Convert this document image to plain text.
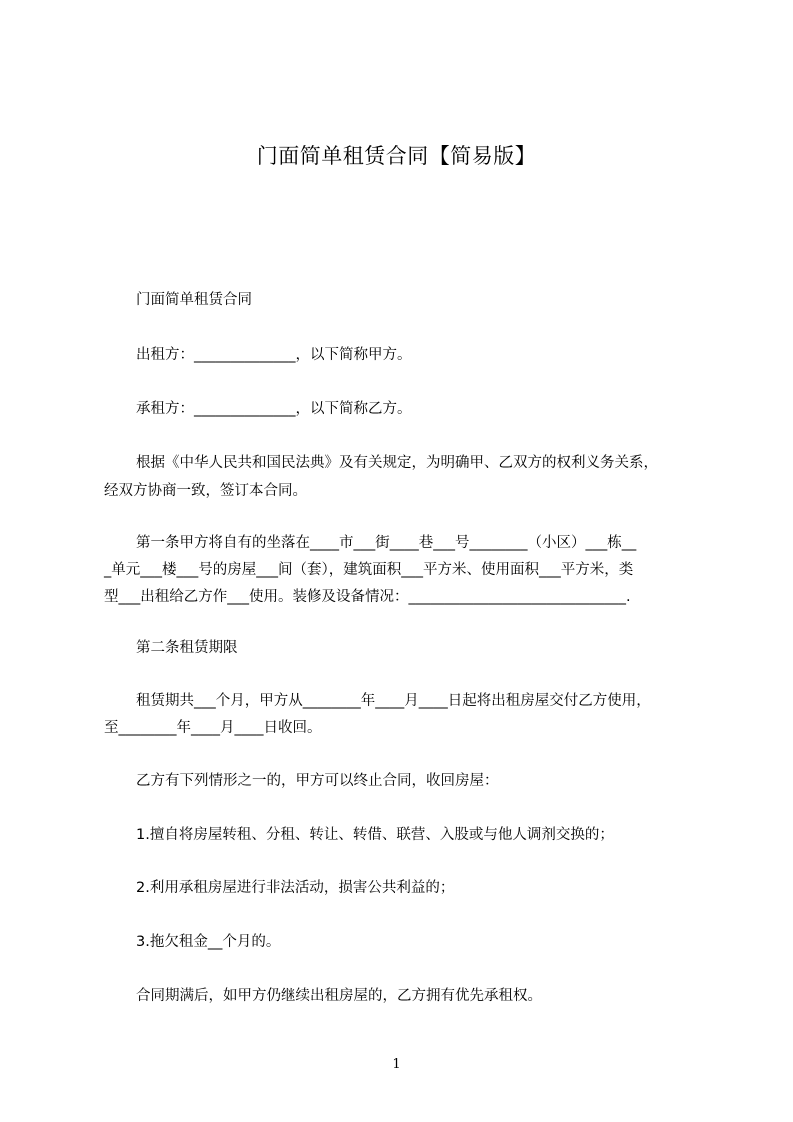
门面简单租赁合同【简易版】
门面简单租赁合同
出租方：______________，以下简称甲方。
承租方：______________，以下简称乙方。
根据《中华人民共和国民法典》及有关规定，为明确甲、乙双方的权利义务关系，
经双方协商一致，签订本合同。
第一条甲方将自有的坐落在____市___街____巷___号________（小区）___栋__
_单元___楼___号的房屋___间（套），建筑面积___平方米、使用面积___平方米，类
型___出租给乙方作___使用。装修及设备情况：______________________________.
第二条租赁期限
租赁期共___个月，甲方从________年____月____日起将出租房屋交付乙方使用，
至________年____月____日收回。
乙方有下列情形之一的，甲方可以终止合同，收回房屋：
1.擅自将房屋转租、分租、转让、转借、联营、入股或与他人调剂交换的；
2.利用承租房屋进行非法活动，损害公共利益的；
3.拖欠租金__个月的。
合同期满后，如甲方仍继续出租房屋的，乙方拥有优先承租权。
1
